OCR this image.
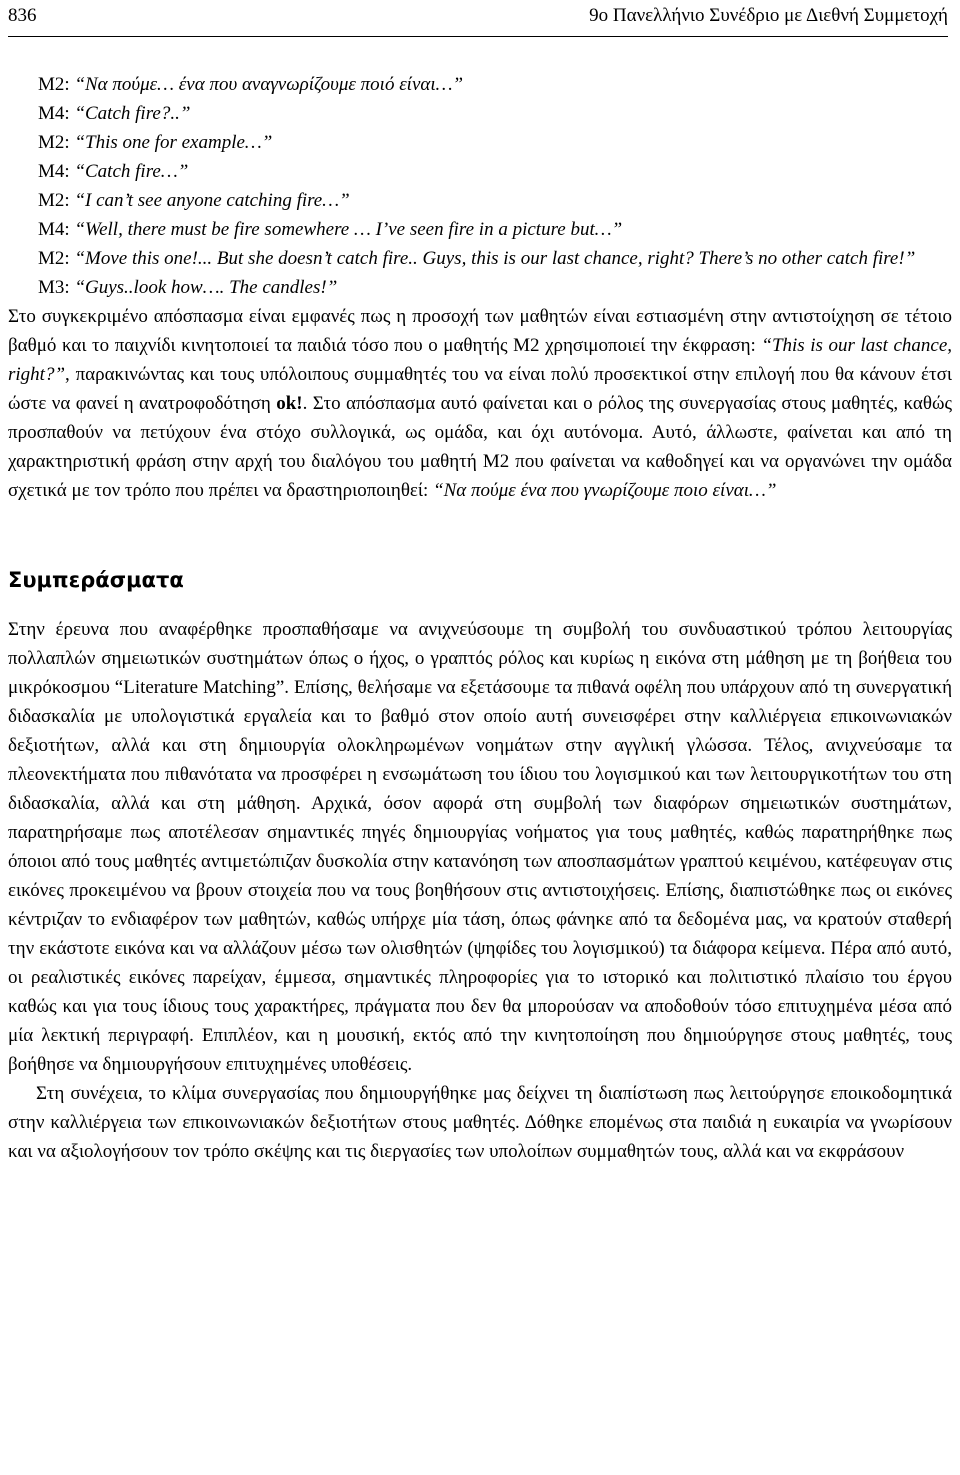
836	9ο Πανελλήνιο Συνέδριο με Διεθνή Συμμετοχή

M2: “Να πούμε… ένα που αναγνωρίζουμε ποιό είναι…”

M4: “Catch fire?..”

M2: “This one for example…”

M4: “Catch fire…”

M2: “I can’t see anyone catching fire…”

M4: “Well, there must be fire somewhere … I’ve seen fire in a picture but…”

M2: “Move this one!... But she doesn’t catch fire.. Guys, this is our last chance, right? There’s no other catch fire!”

M3: “Guys..look how…. The candles!”

Στο συγκεκριμένο απόσπασμα είναι εμφανές πως η προσοχή των μαθητών είναι εστιασμένη στην αντιστοίχηση σε τέτοιο βαθμό και το παιχνίδι κινητοποιεί τα παιδιά τόσο που ο μαθητής Μ2 χρησιμοποιεί την έκφραση: “This is our last chance, right?”, παρακινώντας και τους υπόλοιπους συμμαθητές του να είναι πολύ προσεκτικοί στην επιλογή που θα κάνουν έτσι ώστε να φανεί η ανατροφοδότηση ok!. Στο απόσπασμα αυτό φαίνεται και ο ρόλος της συνεργασίας στους μαθητές, καθώς προσπαθούν να πετύχουν ένα στόχο συλλογικά, ως ομάδα, και όχι αυτόνομα. Αυτό, άλλωστε, φαίνεται και από τη χαρακτηριστική φράση στην αρχή του διαλόγου του μαθητή Μ2 που φαίνεται να καθοδηγεί και να οργανώνει την ομάδα σχετικά με τον τρόπο που πρέπει να δραστηριοποιηθεί: “Να πούμε ένα που γνωρίζουμε ποιο είναι…”

Συμπεράσματα

Στην έρευνα που αναφέρθηκε προσπαθήσαμε να ανιχνεύσουμε τη συμβολή του συνδυαστικού τρόπου λειτουργίας πολλαπλών σημειωτικών συστημάτων όπως ο ήχος, ο γραπτός ρόλος και κυρίως η εικόνα στη μάθηση με τη βοήθεια του μικρόκοσμου “Literature Matching”. Επίσης, θελήσαμε να εξετάσουμε τα πιθανά οφέλη που υπάρχουν από τη συνεργατική διδασκαλία με υπολογιστικά εργαλεία και το βαθμό στον οποίο αυτή συνεισφέρει στην καλλιέργεια επικοινωνιακών δεξιοτήτων, αλλά και στη δημιουργία ολοκληρωμένων νοημάτων στην αγγλική γλώσσα. Τέλος, ανιχνεύσαμε τα πλεονεκτήματα που πιθανότατα να προσφέρει η ενσωμάτωση του ίδιου του λογισμικού και των λειτουργικοτήτων του στη διδασκαλία, αλλά και στη μάθηση. Αρχικά, όσον αφορά στη συμβολή των διαφόρων σημειωτικών συστημάτων, παρατηρήσαμε πως αποτέλεσαν σημαντικές πηγές δημιουργίας νοήματος για τους μαθητές, καθώς παρατηρήθηκε πως όποιοι από τους μαθητές αντιμετώπιζαν δυσκολία στην κατανόηση των αποσπασμάτων γραπτού κειμένου, κατέφευγαν στις εικόνες προκειμένου να βρουν στοιχεία που να τους βοηθήσουν στις αντιστοιχήσεις. Επίσης, διαπιστώθηκε πως οι εικόνες κέντριζαν το ενδιαφέρον των μαθητών, καθώς υπήρχε μία τάση, όπως φάνηκε από τα δεδομένα μας, να κρατούν σταθερή την εκάστοτε εικόνα και να αλλάζουν μέσω των ολισθητών (ψηφίδες του λογισμικού) τα διάφορα κείμενα. Πέρα από αυτό, οι ρεαλιστικές εικόνες παρείχαν, έμμεσα, σημαντικές πληροφορίες για το ιστορικό και πολιτιστικό πλαίσιο του έργου καθώς και για τους ίδιους τους χαρακτήρες, πράγματα που δεν θα μπορούσαν να αποδοθούν τόσο επιτυχημένα μέσα από μία λεκτική περιγραφή. Επιπλέον, και η μουσική, εκτός από την κινητοποίηση που δημιούργησε στους μαθητές, τους βοήθησε να δημιουργήσουν επιτυχημένες υποθέσεις.

Στη συνέχεια, το κλίμα συνεργασίας που δημιουργήθηκε μας δείχνει τη διαπίστωση πως λειτούργησε εποικοδομητικά στην καλλιέργεια των επικοινωνιακών δεξιοτήτων στους μαθητές. Δόθηκε επομένως στα παιδιά η ευκαιρία να γνωρίσουν και να αξιολογήσουν τον τρόπο σκέψης και τις διεργασίες των υπολοίπων συμμαθητών τους, αλλά και να εκφράσουν
